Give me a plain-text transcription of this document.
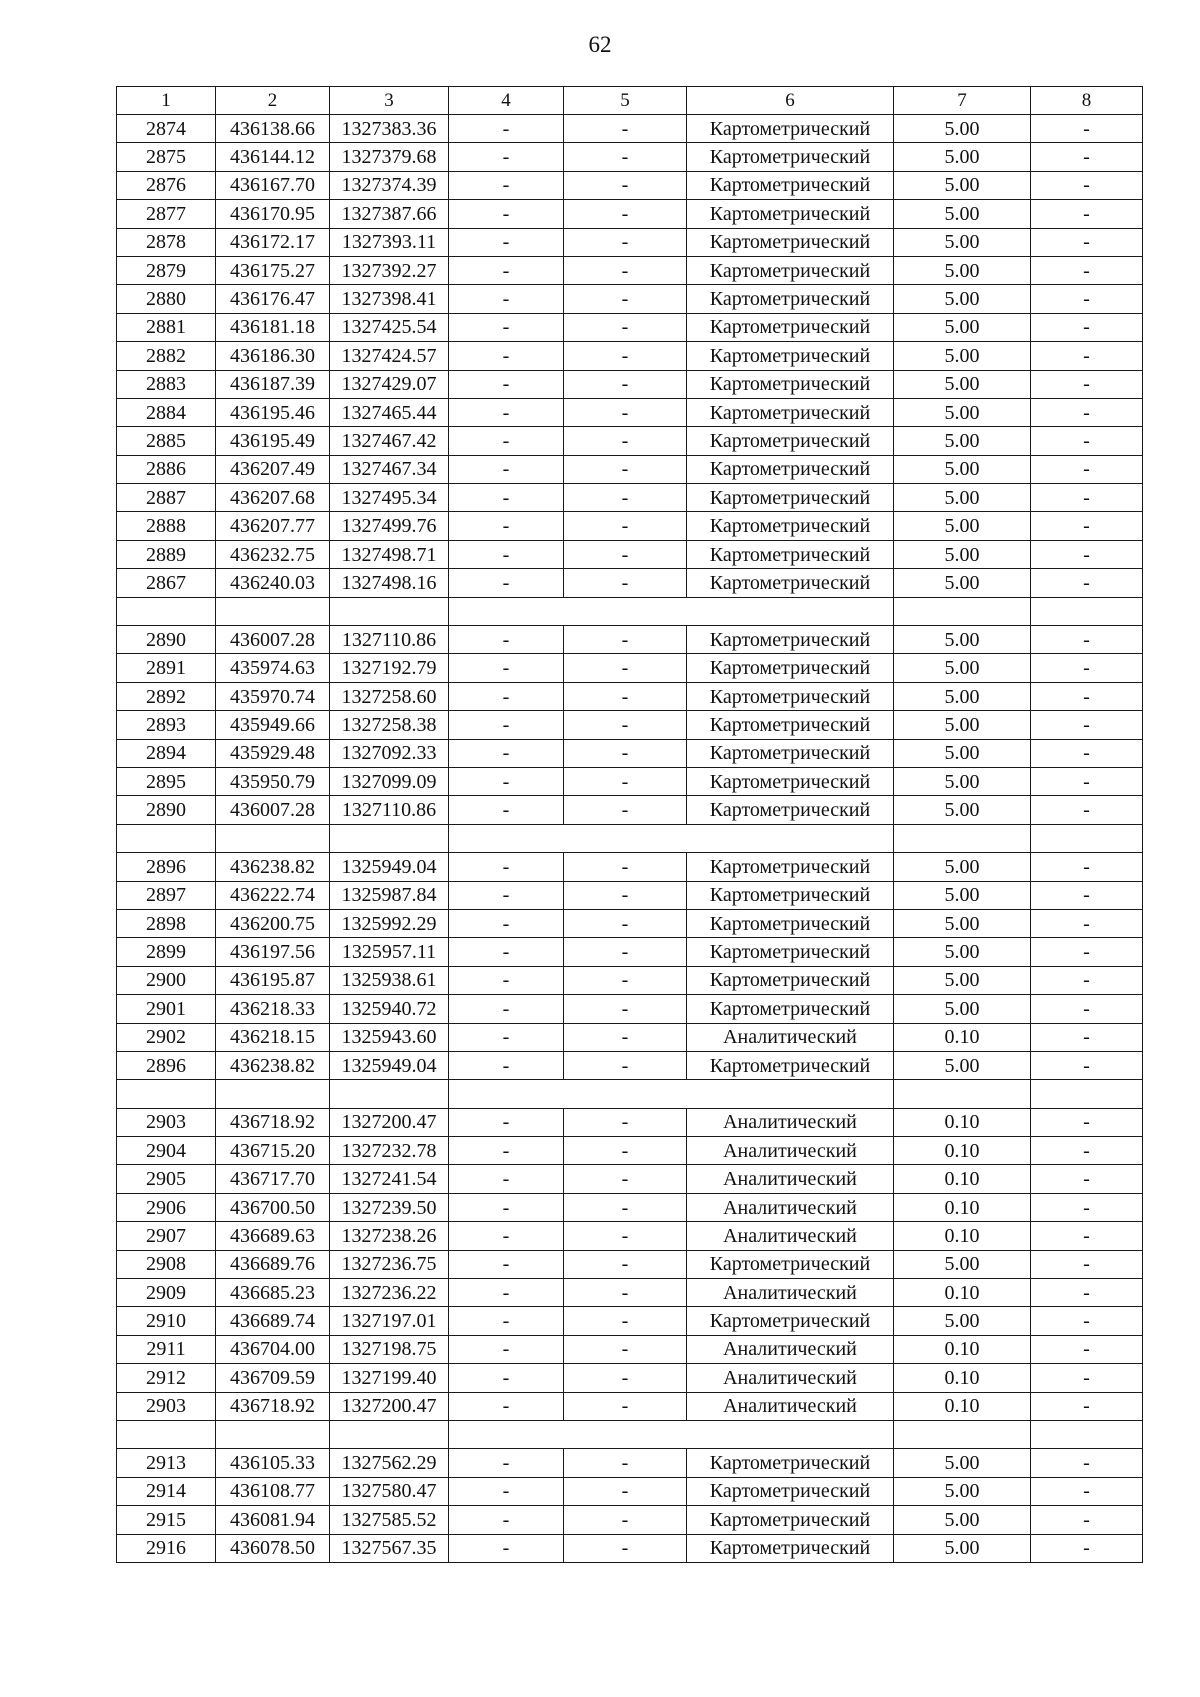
62
1	2	3	4	5	6	7	8
2874	436138.66	1327383.36	-	-	Картометрический	5.00	-
2875	436144.12	1327379.68	-	-	Картометрический	5.00	-
2876	436167.70	1327374.39	-	-	Картометрический	5.00	-
2877	436170.95	1327387.66	-	-	Картометрический	5.00	-
2878	436172.17	1327393.11	-	-	Картометрический	5.00	-
2879	436175.27	1327392.27	-	-	Картометрический	5.00	-
2880	436176.47	1327398.41	-	-	Картометрический	5.00	-
2881	436181.18	1327425.54	-	-	Картометрический	5.00	-
2882	436186.30	1327424.57	-	-	Картометрический	5.00	-
2883	436187.39	1327429.07	-	-	Картометрический	5.00	-
2884	436195.46	1327465.44	-	-	Картометрический	5.00	-
2885	436195.49	1327467.42	-	-	Картометрический	5.00	-
2886	436207.49	1327467.34	-	-	Картометрический	5.00	-
2887	436207.68	1327495.34	-	-	Картометрический	5.00	-
2888	436207.77	1327499.76	-	-	Картометрический	5.00	-
2889	436232.75	1327498.71	-	-	Картометрический	5.00	-
2867	436240.03	1327498.16	-	-	Картометрический	5.00	-

2890	436007.28	1327110.86	-	-	Картометрический	5.00	-
2891	435974.63	1327192.79	-	-	Картометрический	5.00	-
2892	435970.74	1327258.60	-	-	Картометрический	5.00	-
2893	435949.66	1327258.38	-	-	Картометрический	5.00	-
2894	435929.48	1327092.33	-	-	Картометрический	5.00	-
2895	435950.79	1327099.09	-	-	Картометрический	5.00	-
2890	436007.28	1327110.86	-	-	Картометрический	5.00	-

2896	436238.82	1325949.04	-	-	Картометрический	5.00	-
2897	436222.74	1325987.84	-	-	Картометрический	5.00	-
2898	436200.75	1325992.29	-	-	Картометрический	5.00	-
2899	436197.56	1325957.11	-	-	Картометрический	5.00	-
2900	436195.87	1325938.61	-	-	Картометрический	5.00	-
2901	436218.33	1325940.72	-	-	Картометрический	5.00	-
2902	436218.15	1325943.60	-	-	Аналитический	0.10	-
2896	436238.82	1325949.04	-	-	Картометрический	5.00	-

2903	436718.92	1327200.47	-	-	Аналитический	0.10	-
2904	436715.20	1327232.78	-	-	Аналитический	0.10	-
2905	436717.70	1327241.54	-	-	Аналитический	0.10	-
2906	436700.50	1327239.50	-	-	Аналитический	0.10	-
2907	436689.63	1327238.26	-	-	Аналитический	0.10	-
2908	436689.76	1327236.75	-	-	Картометрический	5.00	-
2909	436685.23	1327236.22	-	-	Аналитический	0.10	-
2910	436689.74	1327197.01	-	-	Картометрический	5.00	-
2911	436704.00	1327198.75	-	-	Аналитический	0.10	-
2912	436709.59	1327199.40	-	-	Аналитический	0.10	-
2903	436718.92	1327200.47	-	-	Аналитический	0.10	-

2913	436105.33	1327562.29	-	-	Картометрический	5.00	-
2914	436108.77	1327580.47	-	-	Картометрический	5.00	-
2915	436081.94	1327585.52	-	-	Картометрический	5.00	-
2916	436078.50	1327567.35	-	-	Картометрический	5.00	-
